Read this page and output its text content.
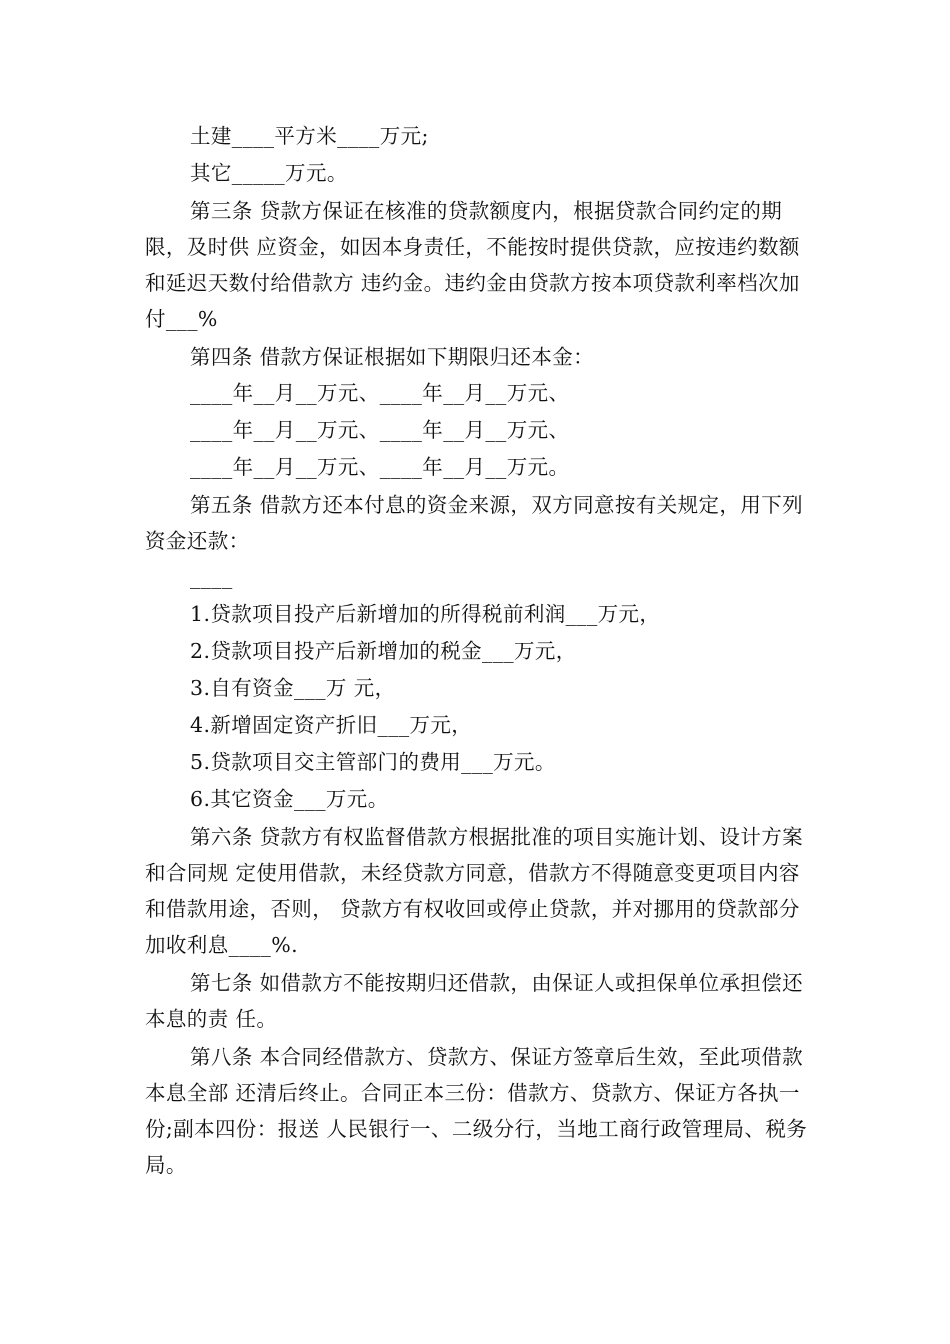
土建____平方米____万元;

其它_____万元。

第三条 贷款方保证在核准的贷款额度内，根据贷款合同约定的期限，及时供 应资金，如因本身责任，不能按时提供贷款，应按违约数额和延迟天数付给借款方 违约金。违约金由贷款方按本项贷款利率档次加付___%

第四条 借款方保证根据如下期限归还本金：

____年__月__万元、____年__月__万元、

____年__月__万元、____年__月__万元、

____年__月__万元、____年__月__万元。

第五条 借款方还本付息的资金来源，双方同意按有关规定，用下列资金还款：

____

1.贷款项目投产后新增加的所得税前利润___万元，

2.贷款项目投产后新增加的税金___万元，

3.自有资金___万 元，

4.新增固定资产折旧___万元，

5.贷款项目交主管部门的费用___万元。

6.其它资金___万元。

第六条 贷款方有权监督借款方根据批准的项目实施计划、设计方案和合同规 定使用借款，未经贷款方同意，借款方不得随意变更项目内容和借款用途，否则， 贷款方有权收回或停止贷款，并对挪用的贷款部分加收利息____%.

第七条 如借款方不能按期归还借款，由保证人或担保单位承担偿还本息的责 任。

第八条 本合同经借款方、贷款方、保证方签章后生效，至此项借款本息全部 还清后终止。合同正本三份：借款方、贷款方、保证方各执一份;副本四份：报送 人民银行一、二级分行，当地工商行政管理局、税务局。
